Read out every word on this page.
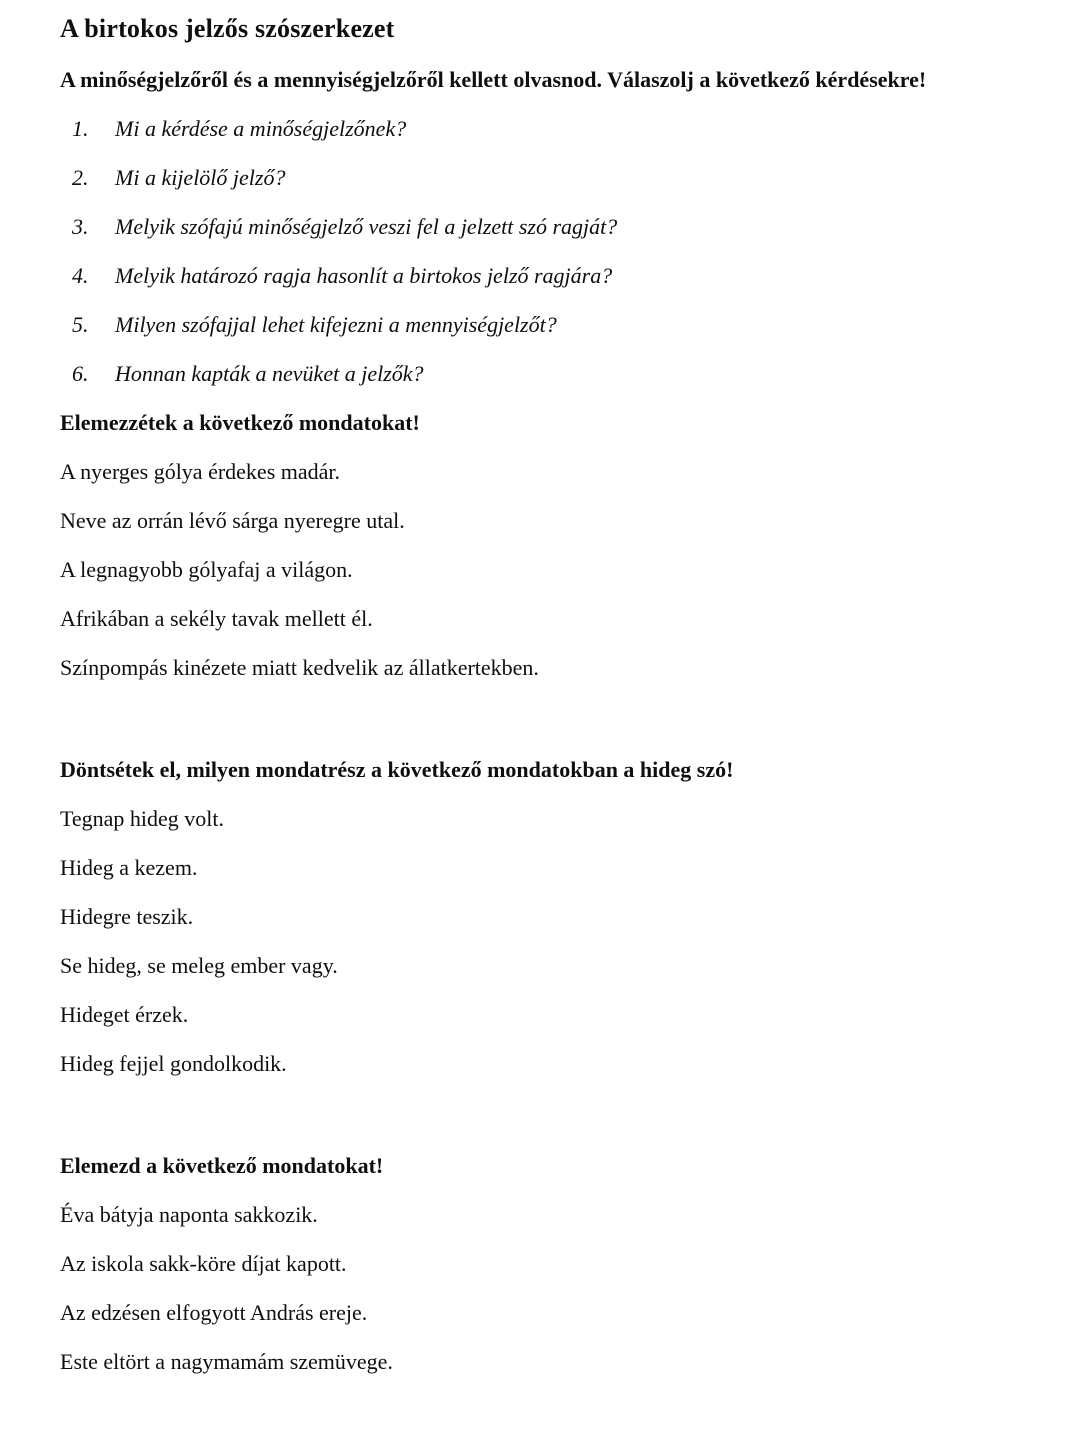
A birtokos jelzős szószerkezet

A minőségjelzőről és a mennyiségjelzőről kellett olvasnod. Válaszolj a következő kérdésekre!

1.	Mi a kérdése a minőségjelzőnek?
2.	Mi a kijelölő jelző?
3.	Melyik szófajú minőségjelző veszi fel a jelzett szó ragját?
4.	Melyik határozó ragja hasonlít a birtokos jelző ragjára?
5.	Milyen szófajjal lehet kifejezni a mennyiségjelzőt?
6.	Honnan kapták a nevüket a jelzők?
Elemezzétek a következő mondatokat!

A nyerges gólya érdekes madár.

Neve az orrán lévő sárga nyeregre utal.

A legnagyobb gólyafaj a világon.

Afrikában a sekély tavak mellett él.

Színpompás kinézete miatt kedvelik az állatkertekben.

Döntsétek el, milyen mondatrész a következő mondatokban a hideg szó!

Tegnap hideg volt.

Hideg a kezem.

Hidegre teszik.

Se hideg, se meleg ember vagy.

Hideget érzek.

Hideg fejjel gondolkodik.

Elemezd a következő mondatokat!

Éva bátyja naponta sakkozik.

Az iskola sakk-köre díjat kapott.

Az edzésen elfogyott András ereje.

Este eltört a nagymamám szemüvege.
